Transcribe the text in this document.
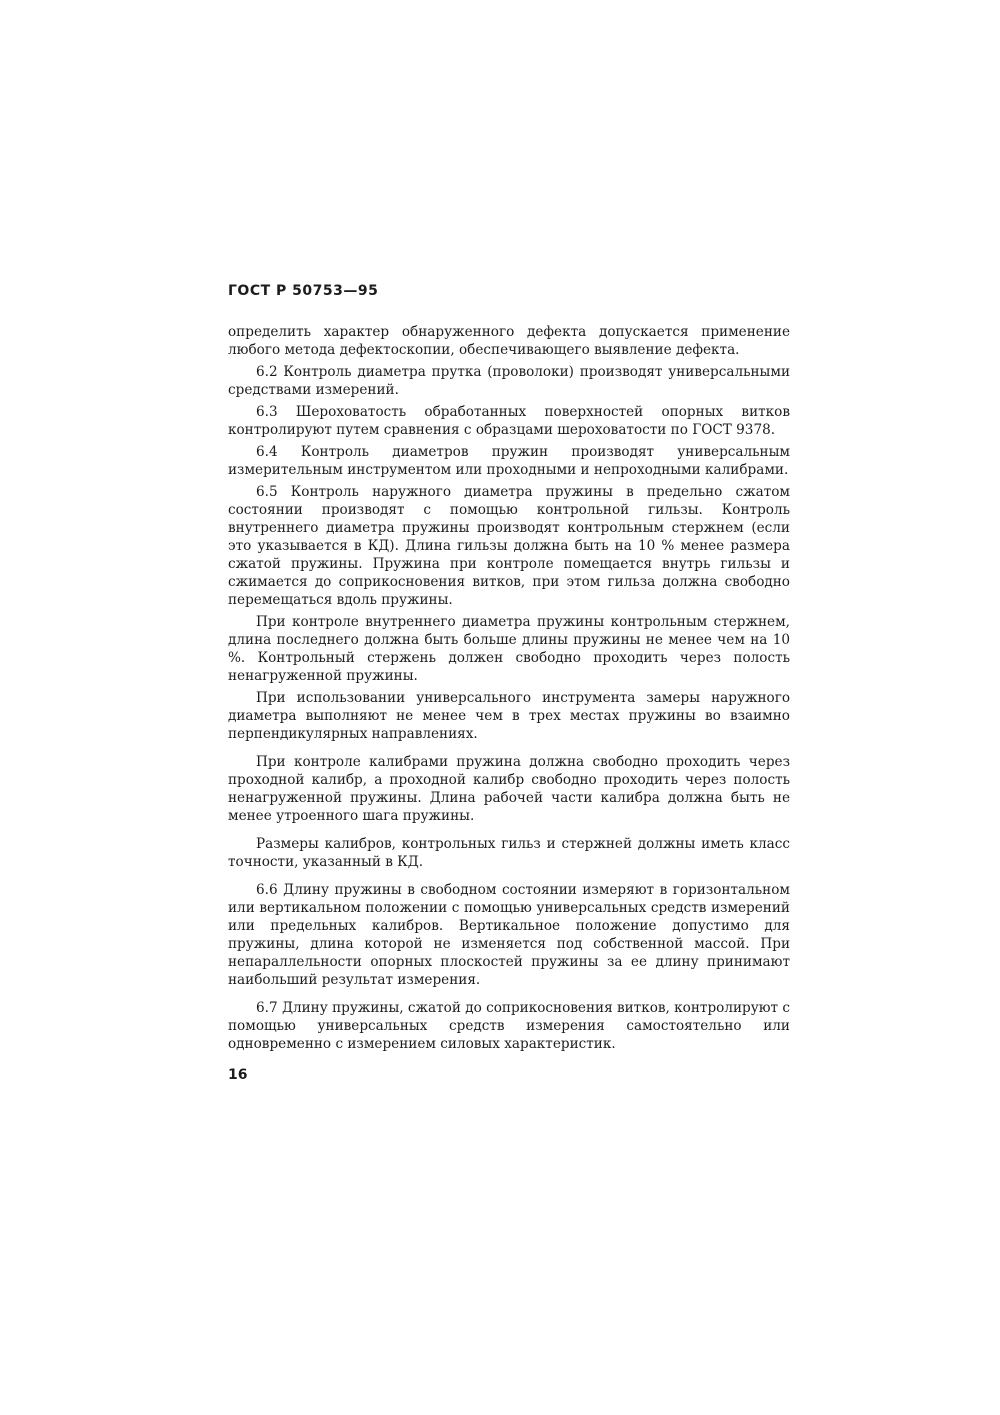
ГОСТ Р 50753—95

определить характер обнаруженного дефекта допускается применение любого метода дефектоскопии, обеспечивающего выявление дефекта.

6.2 Контроль диаметра прутка (проволоки) производят универсальными средствами измерений.

6.3 Шероховатость обработанных поверхностей опорных витков контролируют путем сравнения с образцами шероховатости по ГОСТ 9378.

6.4 Контроль диаметров пружин производят универсальным измерительным инструментом или проходными и непроходными калибрами.

6.5 Контроль наружного диаметра пружины в предельно сжатом состоянии производят с помощью контрольной гильзы. Контроль внутреннего диаметра пружины производят контрольным стержнем (если это указывается в КД). Длина гильзы должна быть на 10 % менее размера сжатой пружины. Пружина при контроле помещается внутрь гильзы и сжимается до соприкосновения витков, при этом гильза должна свободно перемещаться вдоль пружины.

При контроле внутреннего диаметра пружины контрольным стержнем, длина последнего должна быть больше длины пружины не менее чем на 10 %. Контрольный стержень должен свободно проходить через полость ненагруженной пружины.

При использовании универсального инструмента замеры наружного диаметра выполняют не менее чем в трех местах пружины во взаимно перпендикулярных направлениях.

При контроле калибрами пружина должна свободно проходить через проходной калибр, а проходной калибр свободно проходить через полость ненагруженной пружины. Длина рабочей части калибра должна быть не менее утроенного шага пружины.

Размеры калибров, контрольных гильз и стержней должны иметь класс точности, указанный в КД.

6.6 Длину пружины в свободном состоянии измеряют в горизонтальном или вертикальном положении с помощью универсальных средств измерений или предельных калибров. Вертикальное положение допустимо для пружины, длина которой не изменяется под собственной массой. При непараллельности опорных плоскостей пружины за ее длину принимают наибольший результат измерения.

6.7 Длину пружины, сжатой до соприкосновения витков, контролируют с помощью универсальных средств измерения самостоятельно или одновременно с измерением силовых характеристик.

16
